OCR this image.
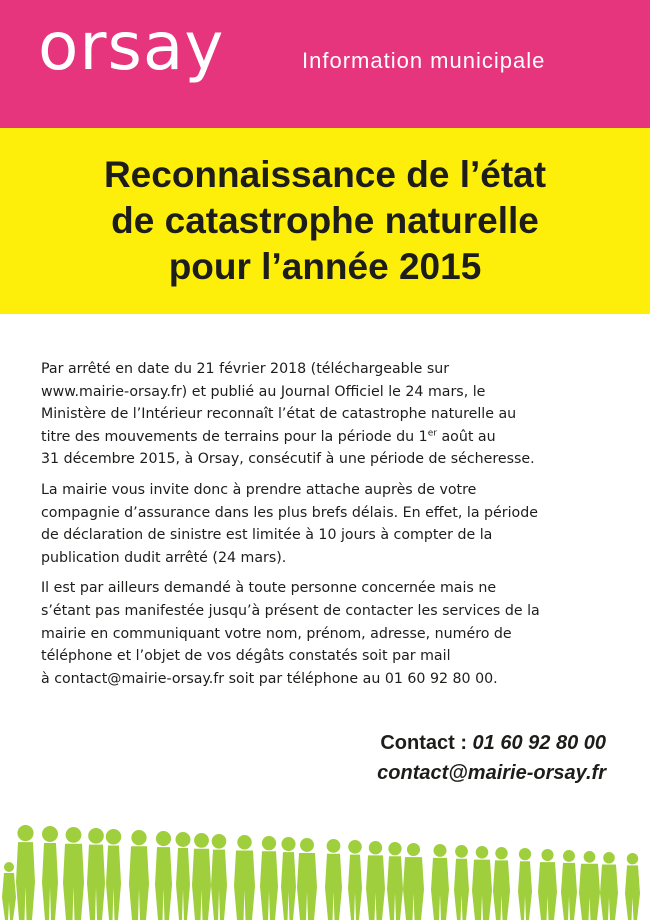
orsay	Information municipale
Reconnaissance de l’état
de catastrophe naturelle
pour l’année 2015

Par arrêté en date du 21 février 2018 (téléchargeable sur
www.mairie-orsay.fr) et publié au Journal Officiel le 24 mars, le
Ministère de l’Intérieur reconnaît l’état de catastrophe naturelle au
titre des mouvements de terrains pour la période du 1er août au
31 décembre 2015, à Orsay, consécutif à une période de sécheresse.

La mairie vous invite donc à prendre attache auprès de votre
compagnie d’assurance dans les plus brefs délais. En effet, la période
de déclaration de sinistre est limitée à 10 jours à compter de la
publication dudit arrêté (24 mars).

Il est par ailleurs demandé à toute personne concernée mais ne
s’étant pas manifestée jusqu’à présent de contacter les services de la
mairie en communiquant votre nom, prénom, adresse, numéro de
téléphone et l’objet de vos dégâts constatés soit par mail
à contact@mairie-orsay.fr soit par téléphone au 01 60 92 80 00.

Contact : 01 60 92 80 00
contact@mairie-orsay.fr
